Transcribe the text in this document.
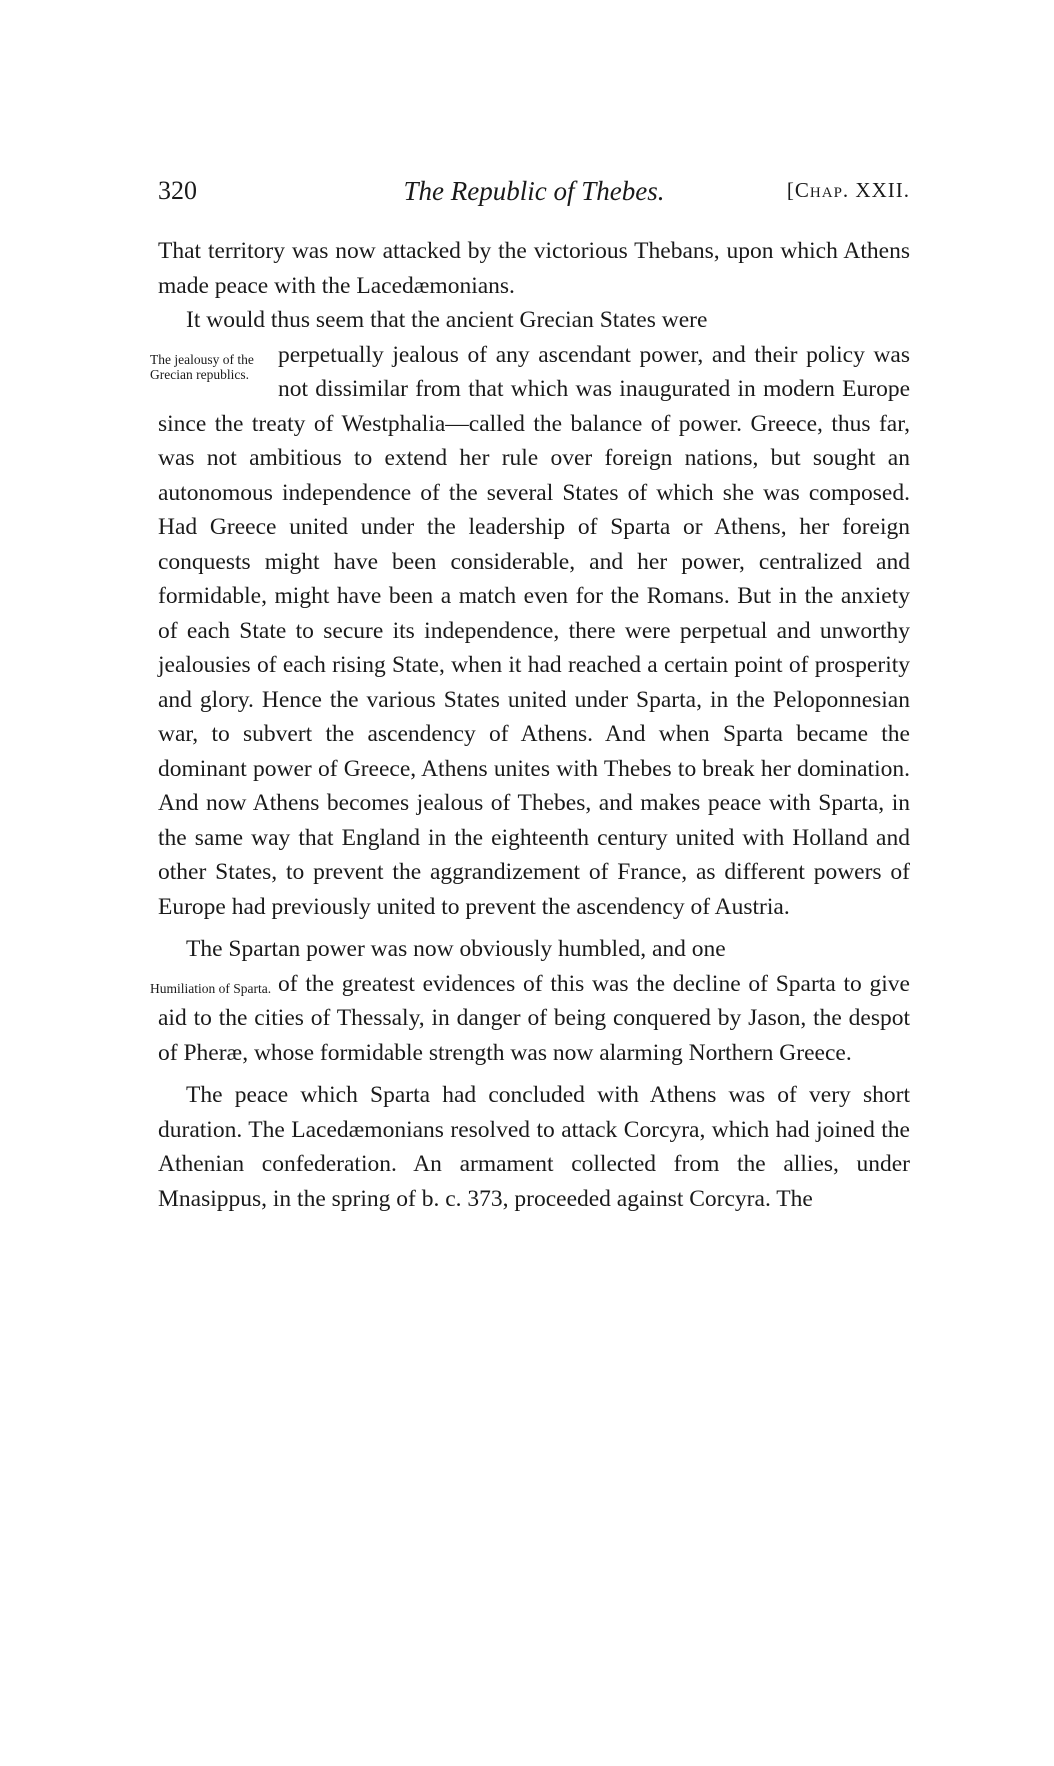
320	The Republic of Thebes.	[Chap. XXII.

That territory was now attacked by the victorious Thebans, upon which Athens made peace with the Lacedæmonians.

It would thus seem that the ancient Grecian States were

The jealousy of the Grecian republics.

perpetually jealous of any ascendant power, and their policy was not dissimilar from that which was inaugurated in modern Europe since the treaty of Westphalia—called the balance of power. Greece, thus far, was not ambitious to extend her rule over foreign nations, but sought an autonomous independence of the several States of which she was composed. Had Greece united under the leadership of Sparta or Athens, her foreign conquests might have been considerable, and her power, centralized and formidable, might have been a match even for the Romans. But in the anxiety of each State to secure its independence, there were perpetual and unworthy jealousies of each rising State, when it had reached a certain point of prosperity and glory. Hence the various States united under Sparta, in the Peloponnesian war, to subvert the ascendency of Athens. And when Sparta became the dominant power of Greece, Athens unites with Thebes to break her domination. And now Athens becomes jealous of Thebes, and makes peace with Sparta, in the same way that England in the eighteenth century united with Holland and other States, to prevent the aggrandizement of France, as different powers of Europe had previously united to prevent the ascendency of Austria.

The Spartan power was now obviously humbled, and one

Humiliation of Sparta. of the greatest evidences of this was the decline of Sparta to give aid to the cities of Thessaly, in danger of being conquered by Jason, the despot of Pheræ, whose formidable strength was now alarming Northern Greece.

The peace which Sparta had concluded with Athens was of very short duration. The Lacedæmonians resolved to attack Corcyra, which had joined the Athenian confederation. An armament collected from the allies, under Mnasippus, in the spring of b. c. 373, proceeded against Corcyra. The
